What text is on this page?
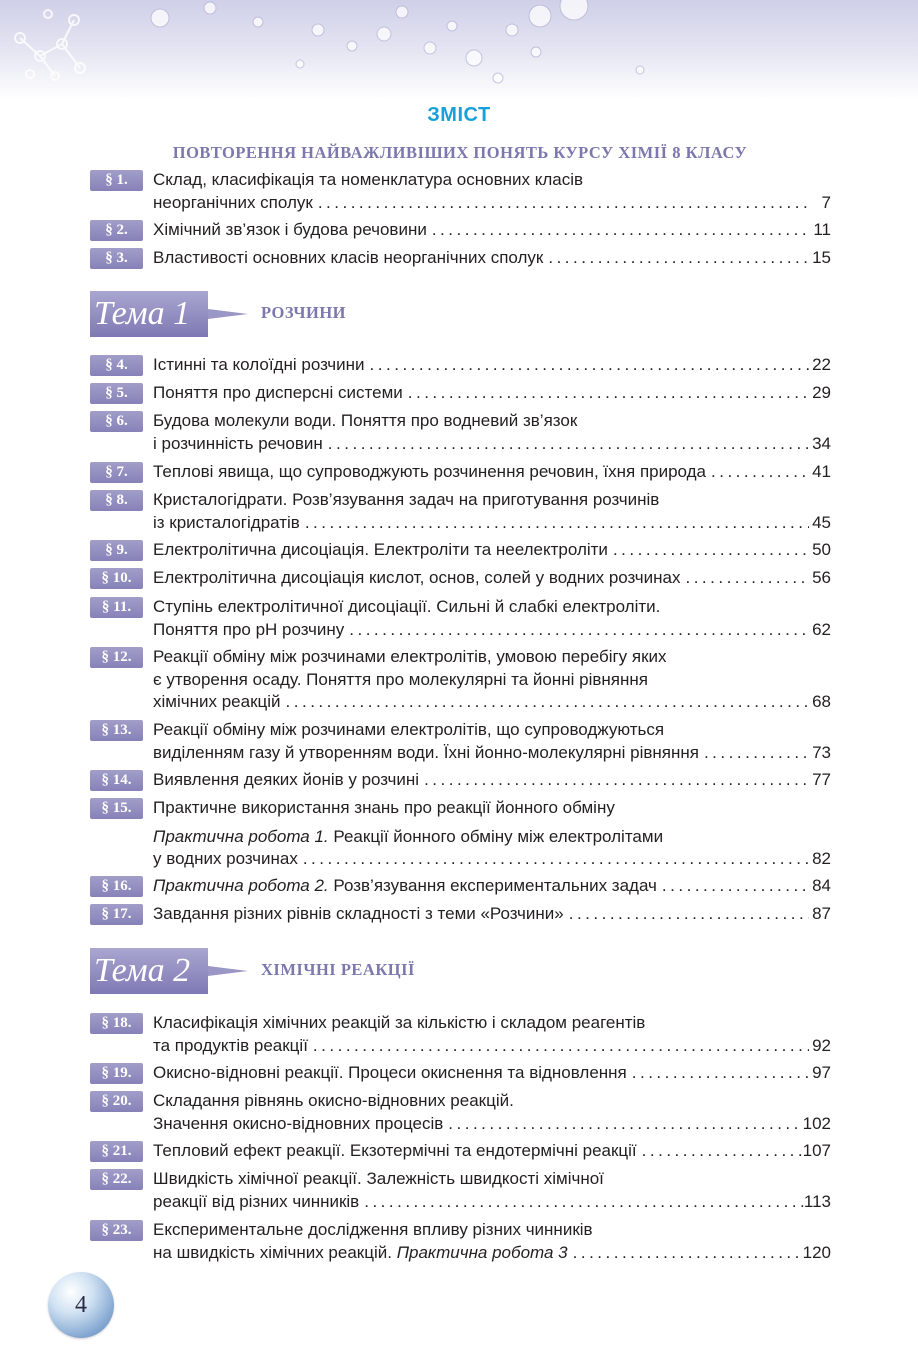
ЗМІСТ
ПОВТОРЕННЯ НАЙВАЖЛИВІШИХ ПОНЯТЬ КУРСУ ХІМІЇ 8 КЛАСУ
§ 1.	Склад, класифікація та номенклатура основних класів
неорганічних сполук .....	7
§ 2.	Хімічний зв’язок і будова речовини .....	11
§ 3.	Властивості основних класів неорганічних сполук .....	15
Тема 1	РОЗЧИНИ
§ 4.	Істинні та колоїдні розчини .....	22
§ 5.	Поняття про дисперсні системи .....	29
§ 6.	Будова молекули води. Поняття про водневий зв’язок
і розчинність речовин .....	34
§ 7.	Теплові явища, що супроводжують розчинення речовин, їхня природа .....	41
§ 8.	Кристалогідрати. Розв’язування задач на приготування розчинів
із кристалогідратів .....	45
§ 9.	Електролітична дисоціація. Електроліти та неелектроліти .....	50
§ 10.	Електролітична дисоціація кислот, основ, солей у водних розчинах .....	56
§ 11.	Ступінь електролітичної дисоціації. Сильні й слабкі електроліти.
Поняття про pH розчину .....	62
§ 12.	Реакції обміну між розчинами електролітів, умовою перебігу яких
є утворення осаду. Поняття про молекулярні та йонні рівняння
хімічних реакцій .....	68
§ 13.	Реакції обміну між розчинами електролітів, що супроводжуються
виділенням газу й утворенням води. Їхні йонно-молекулярні рівняння .....	73
§ 14.	Виявлення деяких йонів у розчині .....	77
§ 15.	Практичне використання знань про реакції йонного обміну
Практична робота 1. Реакції йонного обміну між електролітами
у водних розчинах .....	82
§ 16.	Практична робота 2. Розв’язування експериментальних задач .....	84
§ 17.	Завдання різних рівнів складності з теми «Розчини» .....	87
Тема 2	ХІМІЧНІ РЕАКЦІЇ
§ 18.	Класифікація хімічних реакцій за кількістю і складом реагентів
та продуктів реакції .....	92
§ 19.	Окисно-відновні реакції. Процеси окиснення та відновлення .....	97
§ 20.	Складання рівнянь окисно-відновних реакцій.
Значення окисно-відновних процесів .....	102
§ 21.	Тепловий ефект реакції. Екзотермічні та ендотермічні реакції .....	107
§ 22.	Швидкість хімічної реакції. Залежність швидкості хімічної
реакції від різних чинників .....	113
§ 23.	Експериментальне дослідження впливу різних чинників
на швидкість хімічних реакцій. Практична робота 3 .....	120
4
